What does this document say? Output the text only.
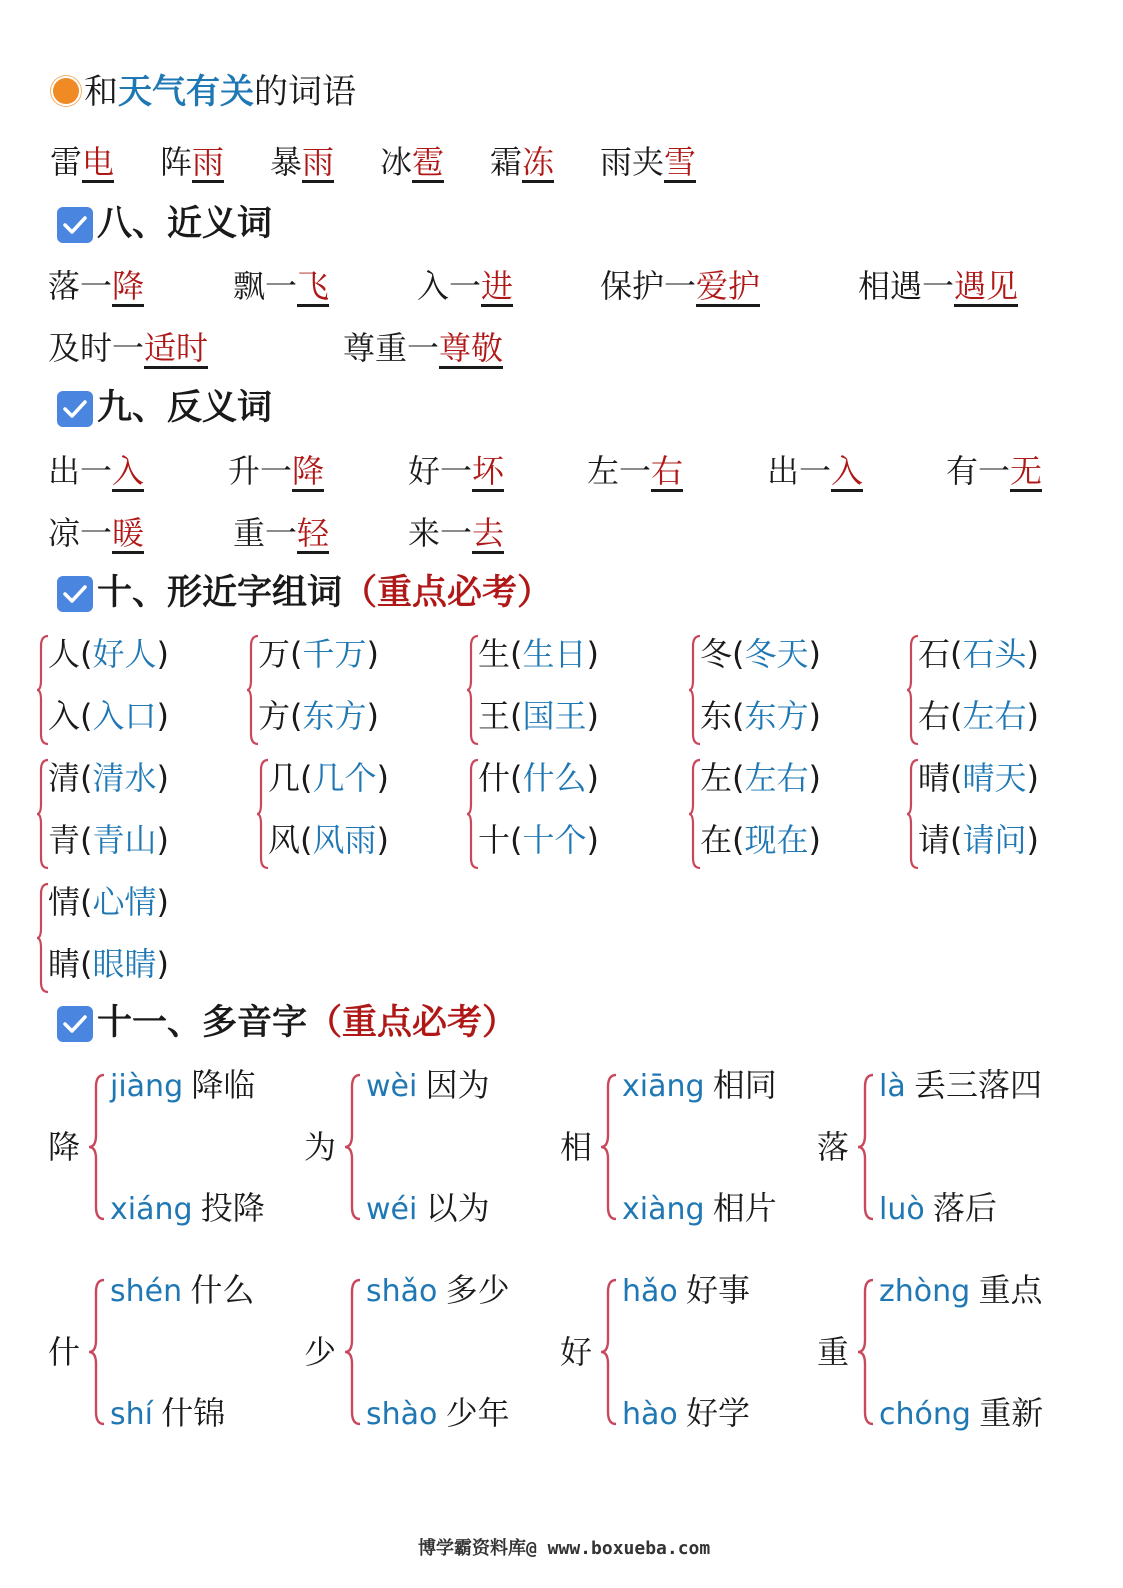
和天气有关的词语
雷电 阵雨 暴雨 冰雹 霜冻 雨夹雪
八、近义词
落一降	飘一飞	入一进	保护一爱护	相遇一遇见
及时一适时	尊重一尊敬
九、反义词
出一入	升一降	好一坏	左一右	出一入	有一无
凉一暖	重一轻 来一去
十、形近字组词（重点必考）
人(好人)
入(入口)
万(千万)
方(东方)
生(生日)
王(国王)
冬(冬天)
东(东方)
石(石头)
右(左右)
清(清水)
青(青山)
几(几个)
风(风雨)
什(什么)
十(十个)
左(左右)
在(现在)
晴(晴天)
请(请问)
情(心情)
睛(眼睛)
十一、多音字（重点必考）
降
jiàng 降临
xiáng 投降
为
wèi 因为
wéi 以为
相
xiāng 相同
xiàng 相片
落
là 丢三落四
luò 落后
什
shén 什么
shí 什锦
少
shǎo 多少
shào 少年
好
hǎo 好事
hào 好学
重
zhòng 重点
chóng 重新
博学霸资料库@ www.boxueba.com
